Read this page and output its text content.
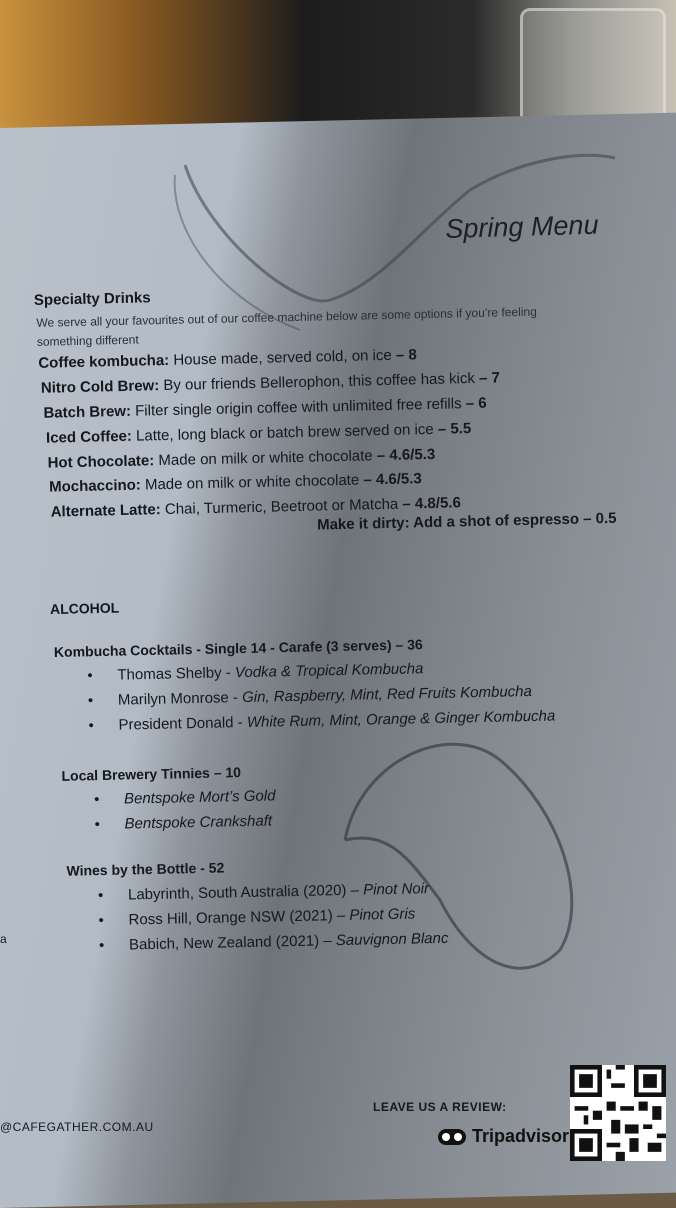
Spring Menu
Specialty Drinks
We serve all your favourites out of our coffee machine below are some options if you’re feeling
something different
Coffee kombucha: House made, served cold, on ice – 8
Nitro Cold Brew: By our friends Bellerophon, this coffee has kick – 7
Batch Brew: Filter single origin coffee with unlimited free refills – 6
Iced Coffee: Latte, long black or batch brew served on ice – 5.5
Hot Chocolate: Made on milk or white chocolate – 4.6/5.3
Mochaccino: Made on milk or white chocolate – 4.6/5.3
Alternate Latte: Chai, Turmeric, Beetroot or Matcha – 4.8/5.6
Make it dirty: Add a shot of espresso – 0.5
ALCOHOL
Kombucha Cocktails - Single 14 - Carafe (3 serves) – 36
• Thomas Shelby - Vodka & Tropical Kombucha
• Marilyn Monrose - Gin, Raspberry, Mint, Red Fruits Kombucha
• President Donald - White Rum, Mint, Orange & Ginger Kombucha
Local Brewery Tinnies – 10
• Bentspoke Mort’s Gold
• Bentspoke Crankshaft
Wines by the Bottle - 52
• Labyrinth, South Australia (2020) – Pinot Noir
• Ross Hill, Orange NSW (2021) – Pinot Gris
• Babich, New Zealand (2021) – Sauvignon Blanc
a
@CAFEGATHER.COM.AU
LEAVE US A REVIEW:
Tripadvisor
